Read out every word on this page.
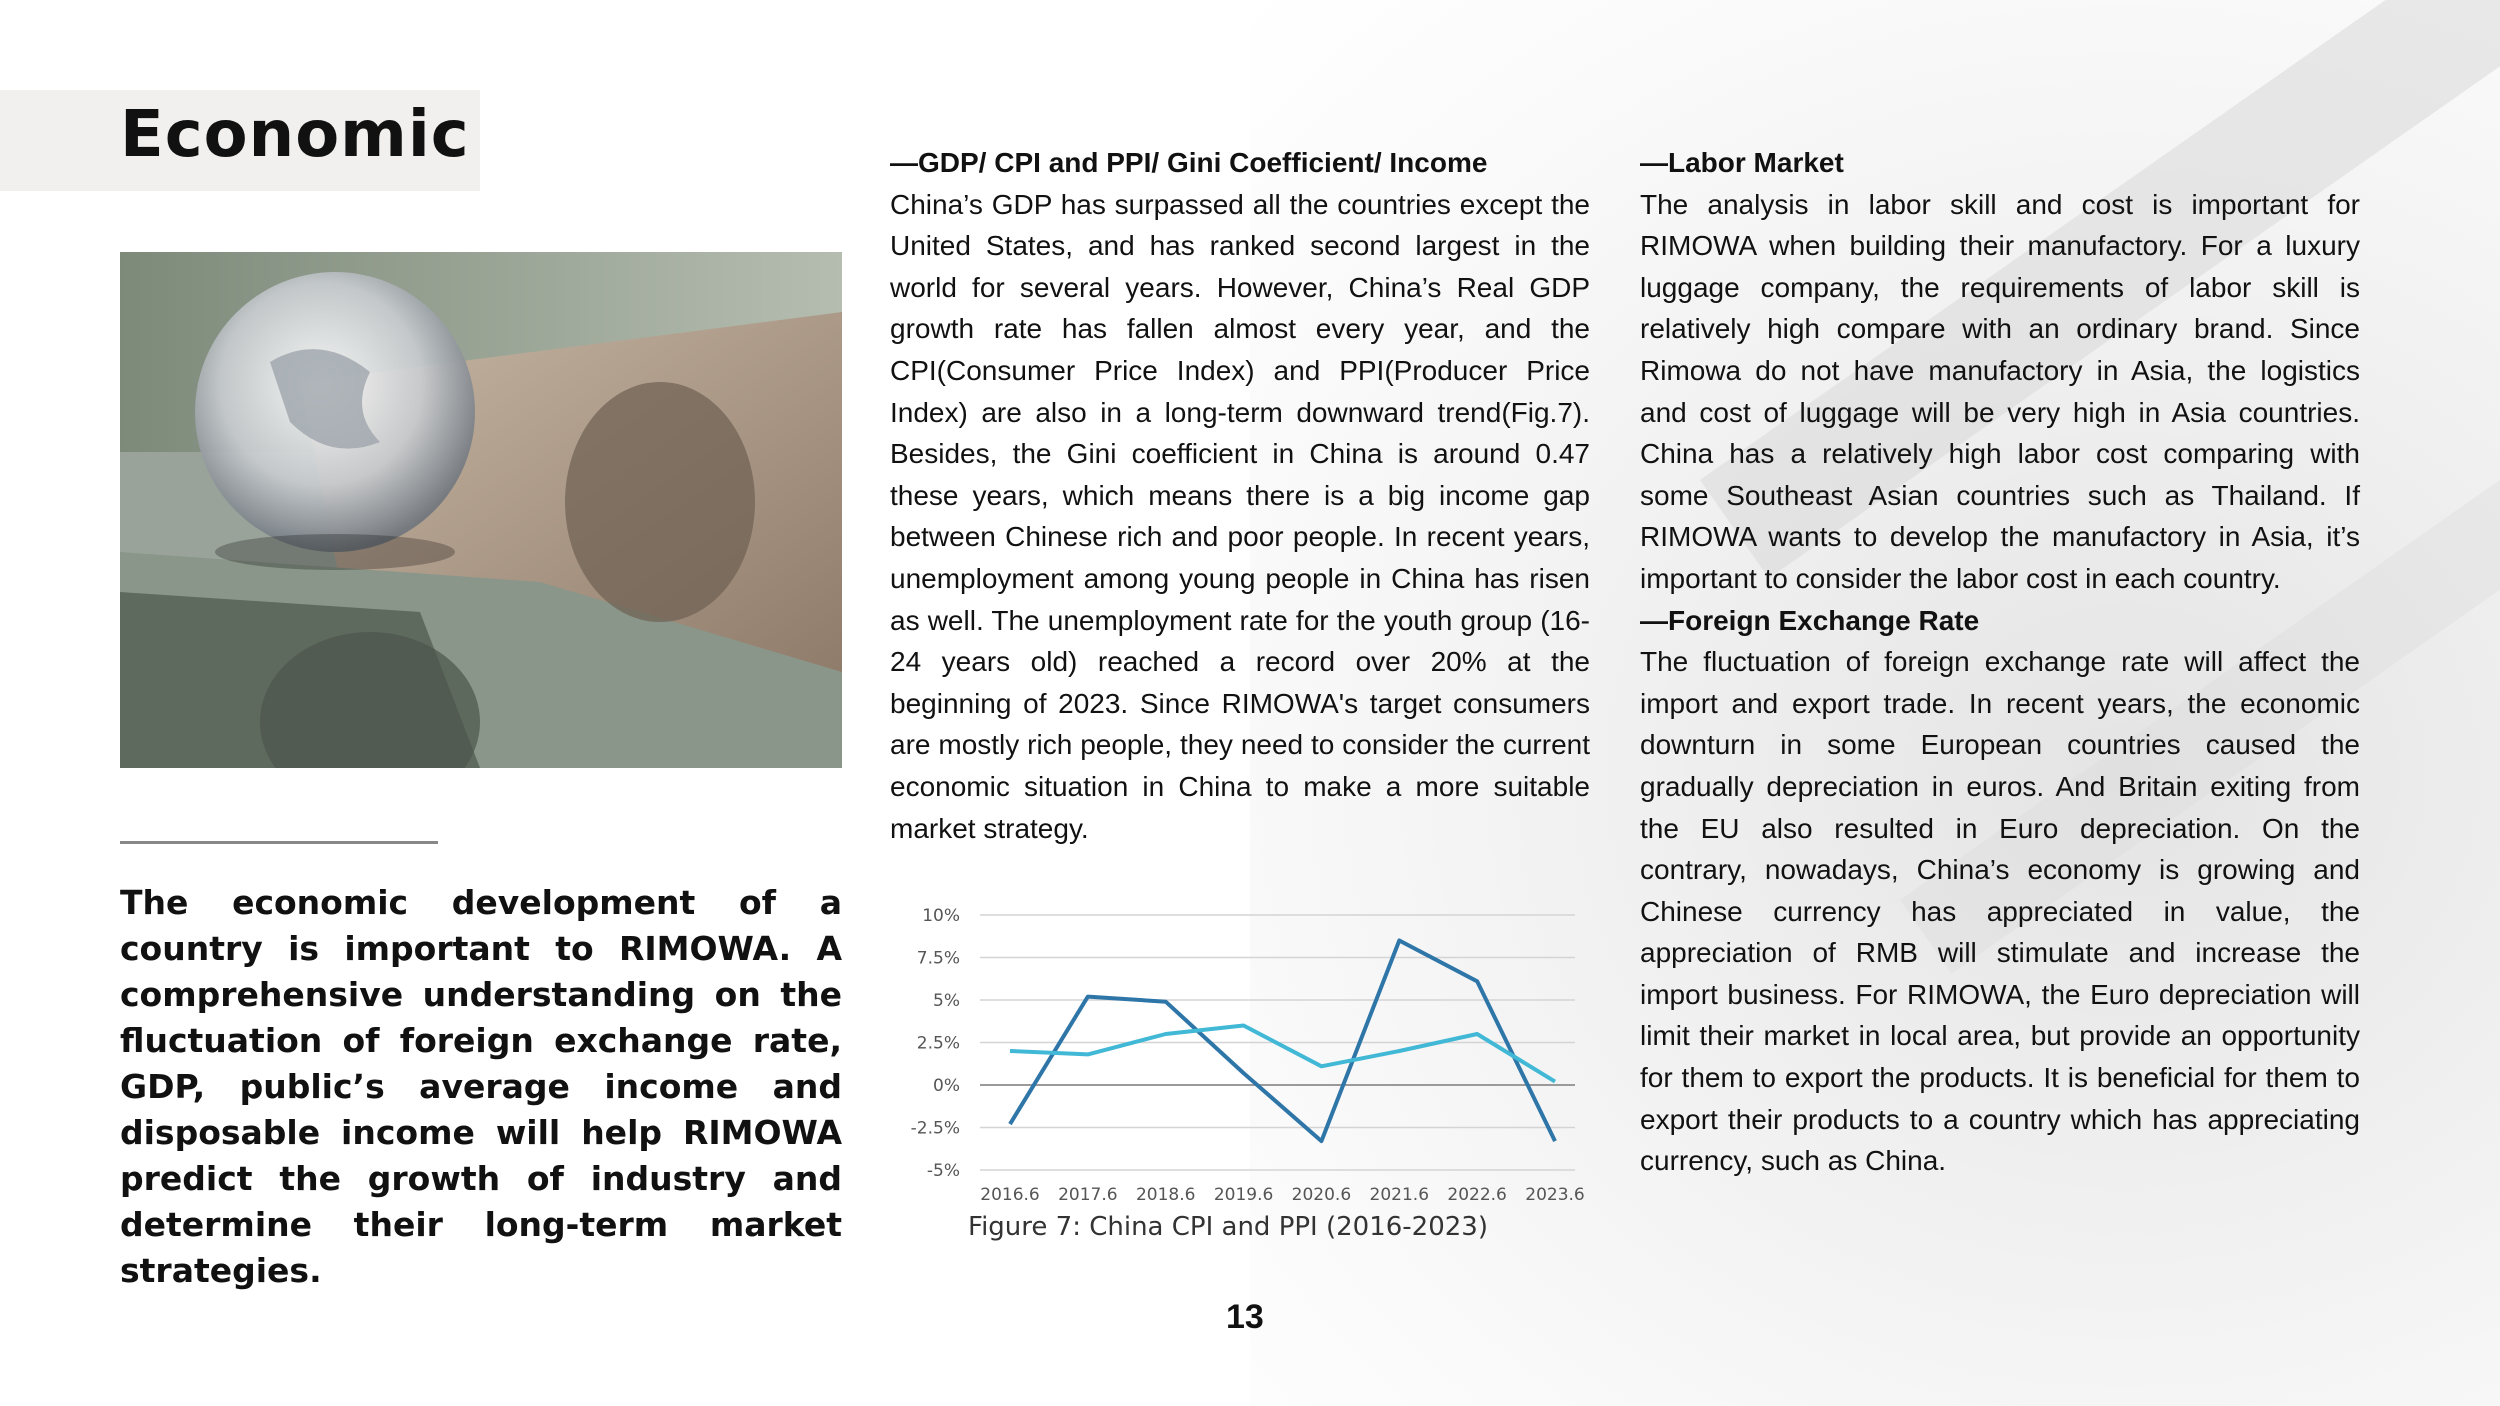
Economic
The economic development of a country is important to RIMOWA. A comprehensive understanding on the fluctuation of foreign exchange rate, GDP, public’s average income and disposable income will help RIMOWA predict the growth of industry and determine their long-term market strategies.
—GDP/ CPI and PPI/ Gini Coefficient/ Income

China’s GDP has surpassed all the countries except the United States, and has ranked second largest in the world for several years. However, China’s Real GDP growth rate has fallen almost every year, and the CPI(Consumer Price Index) and PPI(Producer Price Index) are also in a long-term downward trend(Fig.7). Besides, the Gini coefficient in China is around 0.47 these years, which means there is a big income gap between Chinese rich and poor people. In recent years, unemployment among young people in China has risen as well. The unemployment rate for the youth group (16-24 years old) reached a record over 20% at the beginning of 2023. Since RIMOWA's target consumers are mostly rich people, they need to consider the current economic situation in China to make a more suitable market strategy.

—Labor Market

The analysis in labor skill and cost is important for RIMOWA when building their manufactory. For a luxury luggage company, the requirements of labor skill is relatively high compare with an ordinary brand. Since Rimowa do not have manufactory in Asia, the logistics and cost of luggage will be very high in Asia countries. China has a relatively high labor cost comparing with some Southeast Asian countries such as Thailand. If RIMOWA wants to develop the manufactory in Asia, it’s important to consider the labor cost in each country.

—Foreign Exchange Rate

The fluctuation of foreign exchange rate will affect the import and export trade. In recent years, the economic downturn in some European countries caused the gradually depreciation in euros. And Britain exiting from the EU also resulted in Euro depreciation. On the contrary, nowadays, China’s economy is growing and Chinese currency has appreciated in value, the appreciation of RMB will stimulate and increase the import business. For RIMOWA, the Euro depreciation will limit their market in local area, but provide an opportunity for them to export the products. It is beneficial for them to export their products to a country which has appreciating currency, such as China.

10%
7.5%
5%
2.5%
0%
-2.5%
-5%
2016.6 2017.6 2018.6 2019.6 2020.6 2021.6 2022.6 2023.6
Figure 7: China CPI and PPI (2016-2023)
13
